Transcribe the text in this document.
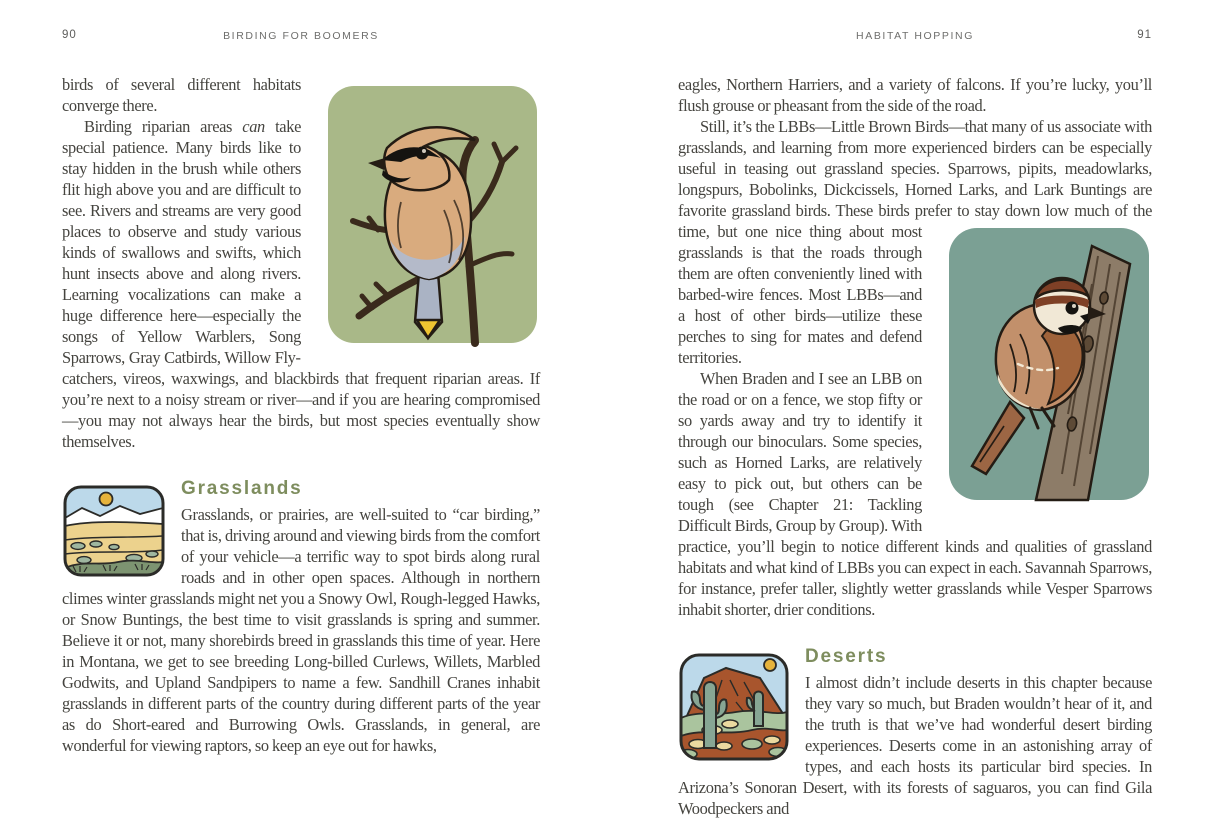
90	BIRDING FOR BOOMERS

birds of several different habitats converge there.

Birding riparian areas can take special patience. Many birds like to stay hidden in the brush while others flit high above you and are difficult to see. Rivers and streams are very good places to observe and study various kinds of swallows and swifts, which hunt insects above and along rivers. Learning vocalizations can make a huge difference here—especially the songs of Yellow Warblers, Song Sparrows, Gray Catbirds, Willow Flycatchers, vireos, waxwings, and blackbirds that frequent riparian areas. If you’re next to a noisy stream or river—and if you are hearing compromised—you may not always hear the birds, but most species eventually show themselves.

Grasslands

Grasslands, or prairies, are well-suited to “car birding,” that is, driving around and viewing birds from the comfort of your vehicle—a terrific way to spot birds along rural roads and in other open spaces. Although in northern climes winter grasslands might net you a Snowy Owl, Rough-legged Hawks, or Snow Buntings, the best time to visit grasslands is spring and summer. Believe it or not, many shorebirds breed in grasslands this time of year. Here in Montana, we get to see breeding Long-billed Curlews, Willets, Marbled Godwits, and Upland Sandpipers to name a few. Sandhill Cranes inhabit grasslands in different parts of the country during different parts of the year as do Short-eared and Burrowing Owls. Grasslands, in general, are wonderful for viewing raptors, so keep an eye out for hawks,

HABITAT HOPPING	91

eagles, Northern Harriers, and a variety of falcons. If you’re lucky, you’ll flush grouse or pheasant from the side of the road.

Still, it’s the LBBs—Little Brown Birds—that many of us associate with grasslands, and learning from more experienced birders can be especially useful in teasing out grassland species. Sparrows, pipits, meadowlarks, longspurs, Bobolinks, Dickcissels, Horned Larks, and Lark Buntings are favorite grassland birds. These birds prefer to stay down low much of
the time, but one nice thing about most grasslands is that the roads through them are often conveniently lined with barbed-wire fences. Most LBBs—and a host of other birds—utilize these perches to sing for mates and defend territories.

When Braden and I see an LBB on the road or on a fence, we stop fifty or so yards away and try to identify it through our binoculars. Some species, such as Horned Larks, are relatively easy to pick out, but others can be tough (see Chapter 21: Tackling Difficult Birds, Group by Group). With practice, you’ll begin to notice different kinds and qualities of grassland habitats and what kind of LBBs you can expect in each. Savannah Sparrows, for instance, prefer taller, slightly wetter grasslands while Vesper Sparrows inhabit shorter, drier conditions.

Deserts

I almost didn’t include deserts in this chapter because they vary so much, but Braden wouldn’t hear of it, and the truth is that we’ve had wonderful desert birding experiences. Deserts come in an astonishing array of types, and each hosts its particular bird species. In Arizona’s Sonoran Desert, with its forests of saguaros, you can find Gila Woodpeckers and
